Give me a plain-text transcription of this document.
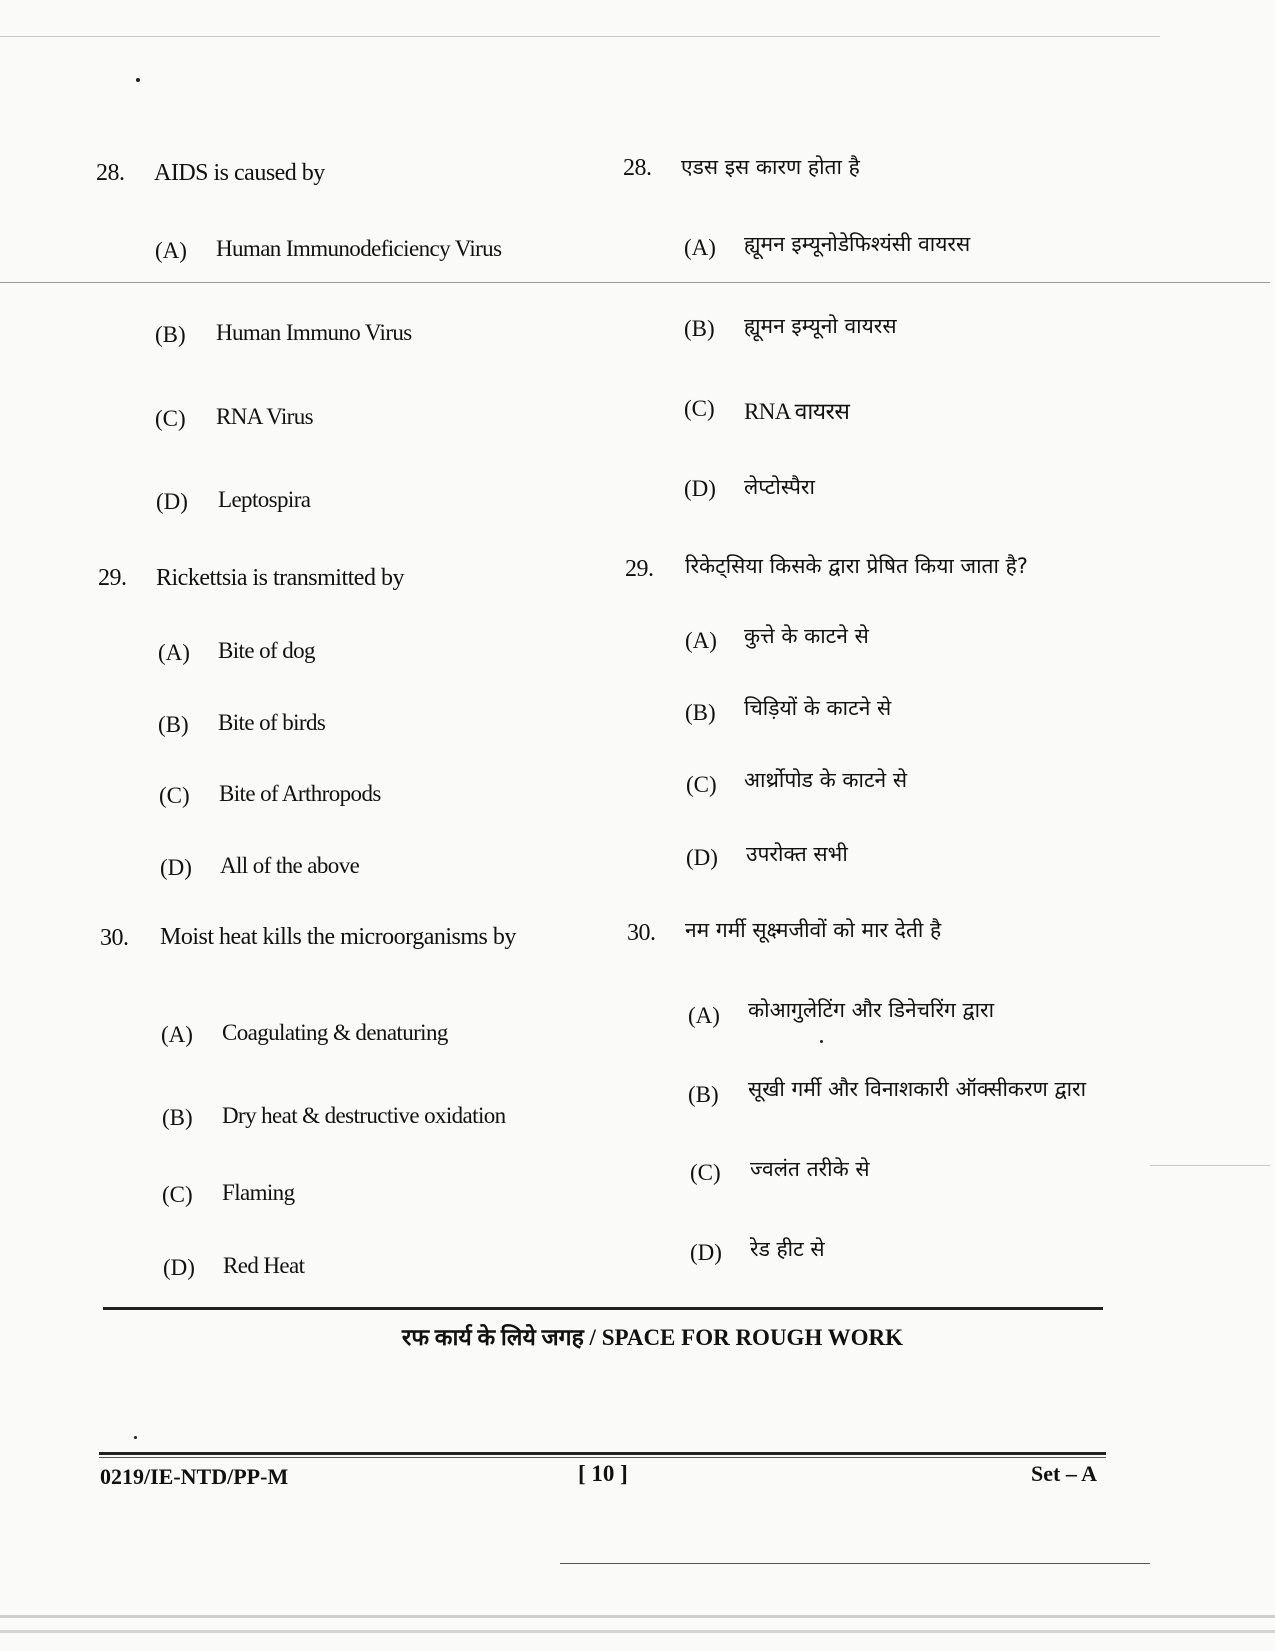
28. AIDS is caused by
(A) Human Immunodeficiency Virus
(B) Human Immuno Virus
(C) RNA Virus
(D) Leptospira
29. Rickettsia is transmitted by
(A) Bite of dog
(B) Bite of birds
(C) Bite of Arthropods
(D) All of the above
30. Moist heat kills the microorganisms by
(A) Coagulating & denaturing
(B) Dry heat & destructive oxidation
(C) Flaming
(D) Red Heat
28. एडस इस कारण होता है
(A) ह्यूमन इम्यूनोडेफिश्यंसी वायरस
(B) ह्यूमन इम्यूनो वायरस
(C) RNA वायरस
(D) लेप्टोस्पैरा
29. रिकेट्सिया किसके द्वारा प्रेषित किया जाता है?
(A) कुत्ते के काटने से
(B) चिड़ियों के काटने से
(C) आर्थ्रोपोड के काटने से
(D) उपरोक्त सभी
30. नम गर्मी सूक्ष्मजीवों को मार देती है
(A) कोआगुलेटिंग और डिनेचरिंग द्वारा
(B) सूखी गर्मी और विनाशकारी ऑक्सीकरण द्वारा
(C) ज्वलंत तरीके से
(D) रेड हीट से
रफ कार्य के लिये जगह / SPACE FOR ROUGH WORK
0219/IE-NTD/PP-M	[ 10 ]	Set – A
